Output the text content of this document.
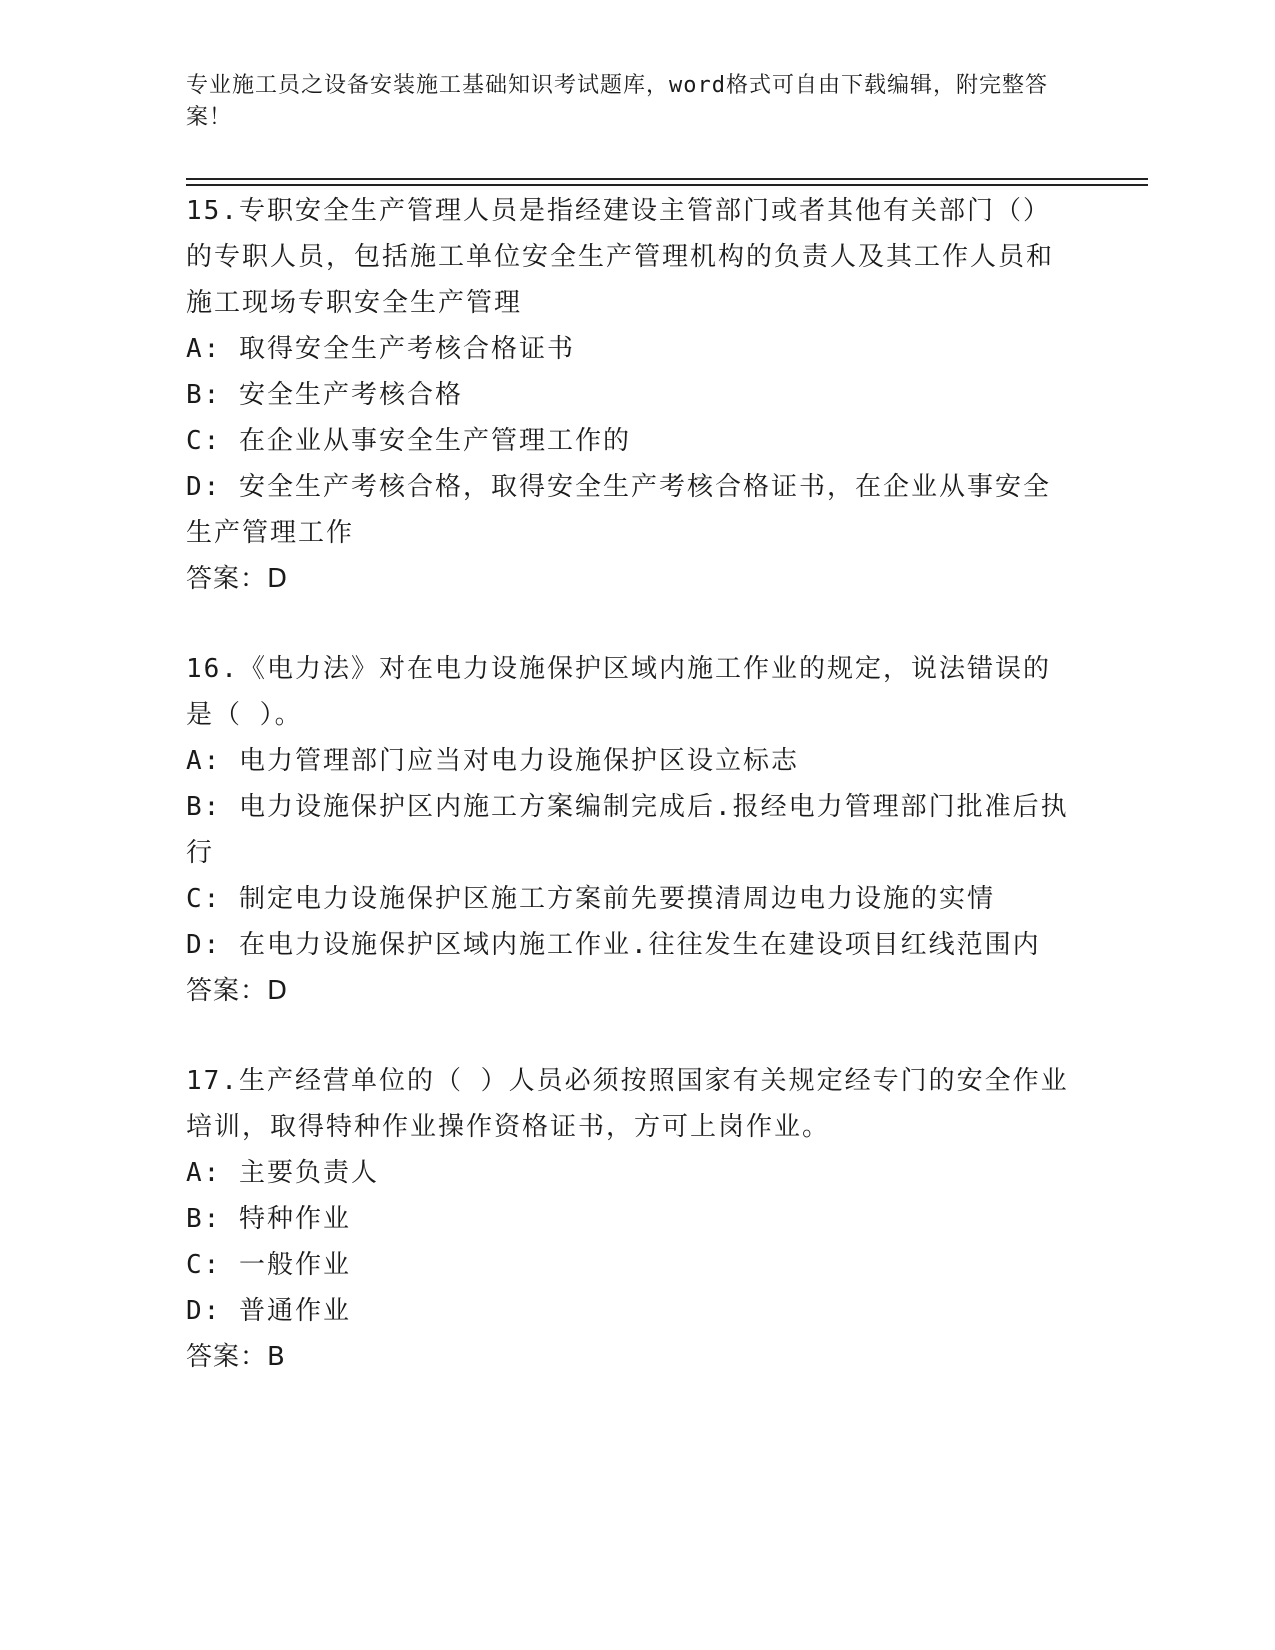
专业施工员之设备安装施工基础知识考试题库，word格式可自由下载编辑，附完整答案！

15.专职安全生产管理人员是指经建设主管部门或者其他有关部门（）的专职人员，包括施工单位安全生产管理机构的负责人及其工作人员和施工现场专职安全生产管理

A: 取得安全生产考核合格证书

B: 安全生产考核合格

C: 在企业从事安全生产管理工作的

D: 安全生产考核合格，取得安全生产考核合格证书，在企业从事安全生产管理工作

答案：D

16.《电力法》对在电力设施保护区域内施工作业的规定，说法错误的是（ ）。

A: 电力管理部门应当对电力设施保护区设立标志

B: 电力设施保护区内施工方案编制完成后.报经电力管理部门批准后执行

C: 制定电力设施保护区施工方案前先要摸清周边电力设施的实情

D: 在电力设施保护区域内施工作业.往往发生在建设项目红线范围内

答案：D

17.生产经营单位的（ ）人员必须按照国家有关规定经专门的安全作业培训，取得特种作业操作资格证书，方可上岗作业。

A: 主要负责人

B: 特种作业

C: 一般作业

D: 普通作业

答案：B
